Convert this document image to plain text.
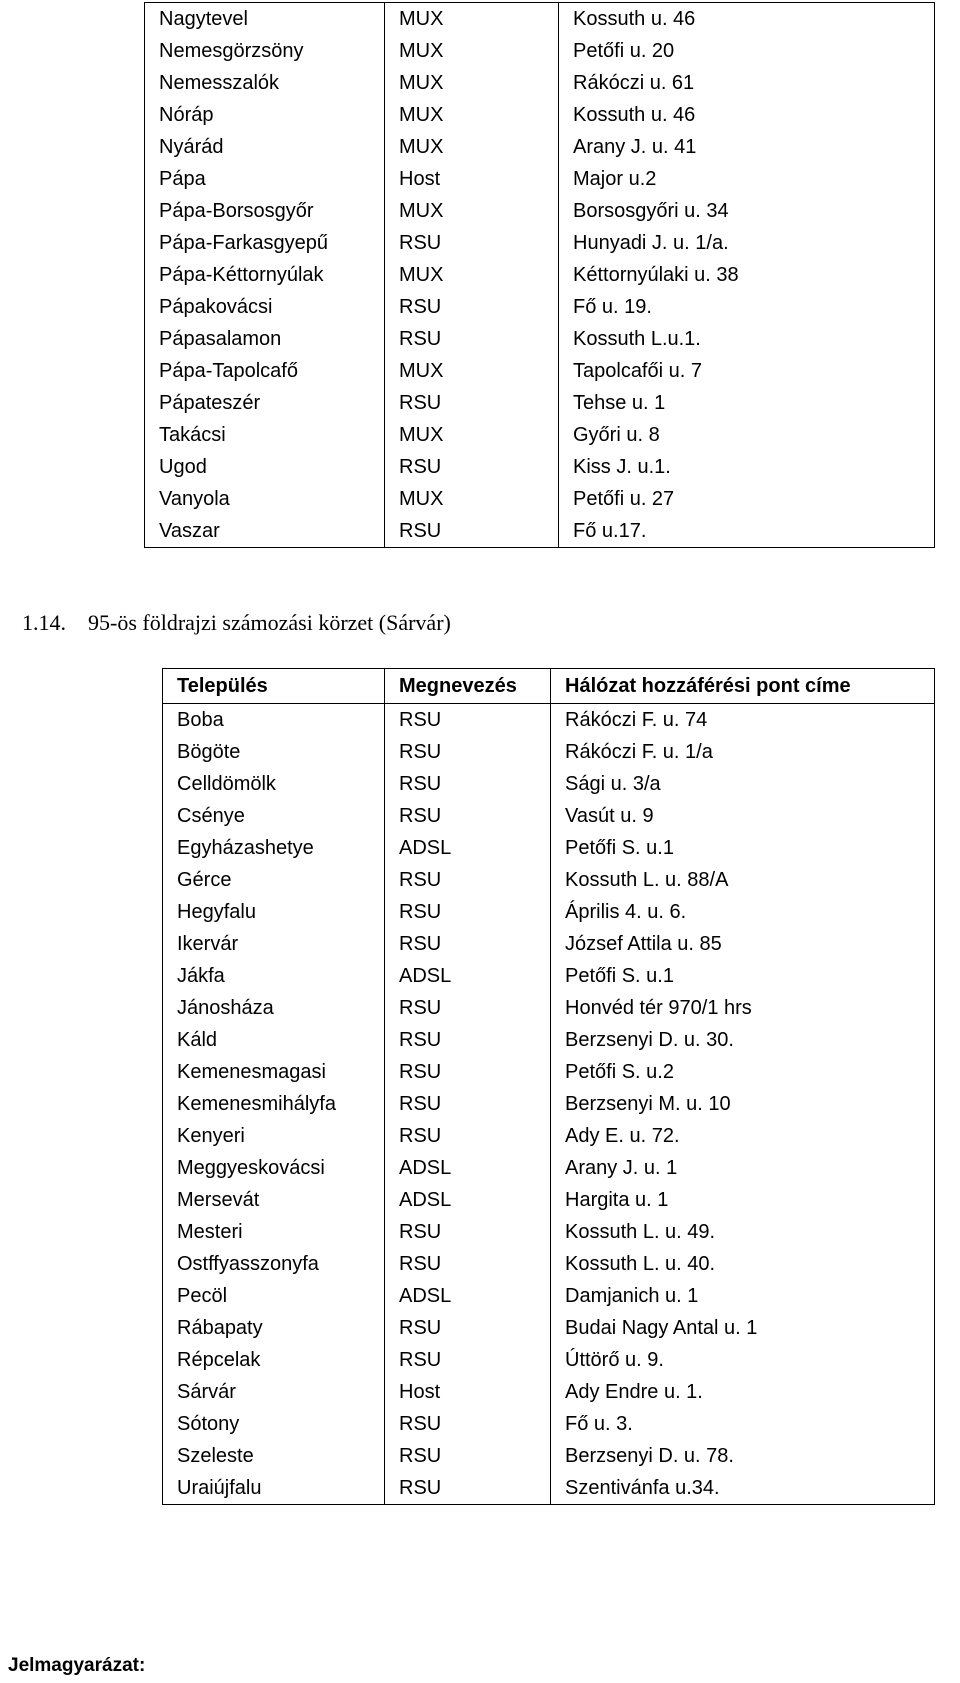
Nagytevel	MUX	Kossuth u. 46
Nemesgörzsöny	MUX	Petőfi u. 20
Nemesszalók	MUX	Rákóczi u. 61
Nóráp	MUX	Kossuth u. 46
Nyárád	MUX	Arany J. u. 41
Pápa	Host	Major u.2
Pápa-Borsosgyőr	MUX	Borsosgyőri u. 34
Pápa-Farkasgyepű	RSU	Hunyadi J. u. 1/a.
Pápa-Kéttornyúlak	MUX	Kéttornyúlaki u. 38
Pápakovácsi	RSU	Fő u. 19.
Pápasalamon	RSU	Kossuth L.u.1.
Pápa-Tapolcafő	MUX	Tapolcafői u. 7
Pápateszér	RSU	Tehse u. 1
Takácsi	MUX	Győri u. 8
Ugod	RSU	Kiss J. u.1.
Vanyola	MUX	Petőfi u. 27
Vaszar	RSU	Fő u.17.
1.14. 95-ös földrajzi számozási körzet (Sárvár)
Település	Megnevezés	Hálózat hozzáférési pont címe
Boba	RSU	Rákóczi F. u. 74
Bögöte	RSU	Rákóczi F. u. 1/a
Celldömölk	RSU	Sági u. 3/a
Csénye	RSU	Vasút u. 9
Egyházashetye	ADSL	Petőfi S. u.1
Gérce	RSU	Kossuth L. u. 88/A
Hegyfalu	RSU	Április 4. u. 6.
Ikervár	RSU	József Attila u. 85
Jákfa	ADSL	Petőfi S. u.1
Jánosháza	RSU	Honvéd tér 970/1 hrs
Káld	RSU	Berzsenyi D. u. 30.
Kemenesmagasi	RSU	Petőfi S. u.2
Kemenesmihályfa	RSU	Berzsenyi M. u. 10
Kenyeri	RSU	Ady E. u. 72.
Meggyeskovácsi	ADSL	Arany J. u. 1
Mersevát	ADSL	Hargita u. 1
Mesteri	RSU	Kossuth L. u. 49.
Ostffyasszonyfa	RSU	Kossuth L. u. 40.
Pecöl	ADSL	Damjanich u. 1
Rábapaty	RSU	Budai Nagy Antal u. 1
Répcelak	RSU	Úttörő u. 9.
Sárvár	Host	Ady Endre u. 1.
Sótony	RSU	Fő u. 3.
Szeleste	RSU	Berzsenyi D. u. 78.
Uraiújfalu	RSU	Szentivánfa u.34.
Jelmagyarázat:
